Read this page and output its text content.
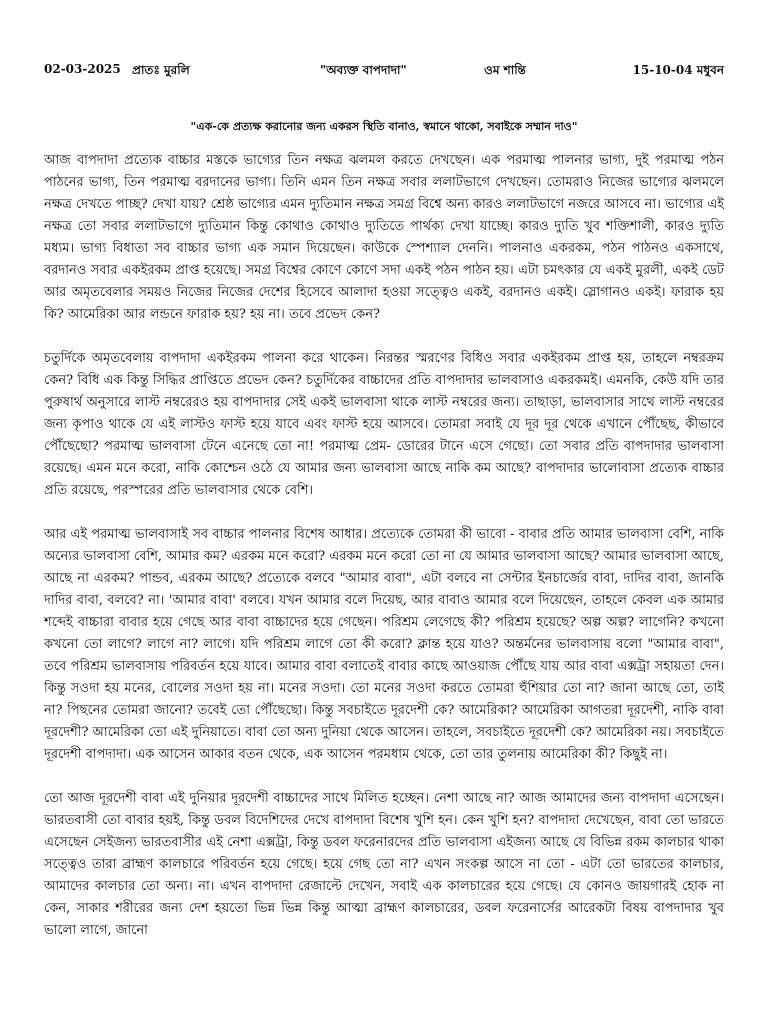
02-03-2025 প্রাতঃ মুরলি	"অব্যক্ত বাপদাদা"	ওম শান্তি	15-10-04 মধুবন
"এক-কে প্রত্যক্ষ করানোর জন্য একরস স্থিতি বানাও, স্বমানে থাকো, সবাইকে সম্মান দাও"

আজ বাপদাদা প্রত্যেক বাচ্চার মস্তকে ভাগ্যের তিন নক্ষত্র ঝলমল করতে দেখছেন। এক পরমাত্ম পালনার ভাগ্য, দুই পরমাত্ম পঠন পাঠনের ভাগ্য, তিন পরমাত্ম বরদানের ভাগ্য। তিনি এমন তিন নক্ষত্র সবার ললাটভাগে দেখছেন। তোমরাও নিজের ভাগ্যের ঝলমলে নক্ষত্র দেখতে পাচ্ছ? দেখা যায়? শ্রেষ্ঠ ভাগ্যের এমন দ্যুতিমান নক্ষত্র সমগ্র বিশ্বে অন্য কারও ললাটভাগে নজরে আসবে না। ভাগ্যের এই নক্ষত্র তো সবার ললাটভাগে দ্যুতিমান কিন্তু কোথাও কোথাও দ্যুতিতে পার্থক্য দেখা যাচ্ছে। কারও দ্যুতি খুব শক্তিশালী, কারও দ্যুতি মধ্যম। ভাগ্য বিধাতা সব বাচ্চার ভাগ্য এক সমান দিয়েছেন। কাউকে স্পেশ্যাল দেননি। পালনাও একরকম, পঠন পাঠনও একসাথে, বরদানও সবার একইরকম প্রাপ্ত হয়েছে। সমগ্র বিশ্বের কোণে কোণে সদা একই পঠন পাঠন হয়। এটা চমৎকার যে একই মুরলী, একই ডেট আর অমৃতবেলার সময়ও নিজের নিজের দেশের হিসেবে আলাদা হওয়া সত্ত্বেও একই, বরদানও একই। স্লোগানও একই। ফারাক হয় কি? আমেরিকা আর লন্ডনে ফারাক হয়? হয় না। তবে প্রভেদ কেন?

চতুর্দিকে অমৃতবেলায় বাপদাদা একইরকম পালনা করে থাকেন। নিরন্তর স্মরণের বিধিও সবার একইরকম প্রাপ্ত হয়, তাহলে নম্বরক্রম কেন? বিধি এক কিন্তু সিদ্ধির প্রাপ্তিতে প্রভেদ কেন? চতুর্দিকের বাচ্চাদের প্রতি বাপদাদার ভালবাসাও একরকমই। এমনকি, কেউ যদি তার পুরুষার্থ অনুসারে লাস্ট নম্বরেরও হয় বাপদাদার সেই একই ভালবাসা থাকে লাস্ট নম্বরের জন্য। তাছাড়া, ভালবাসার সাথে লাস্ট নম্বরের জন্য কৃপাও থাকে যে এই লাস্টও ফাস্ট হয়ে যাবে এবং ফাস্ট হয়ে আসবে। তোমরা সবাই যে দূর দূর থেকে এখানে পৌঁছেছ, কীভাবে পৌঁছেছো? পরমাত্ম ভালবাসা টেনে এনেছে তো না! পরমাত্ম প্রেম- ডোরের টানে এসে গেছো। তো সবার প্রতি বাপদাদার ভালবাসা রয়েছে। এমন মনে করো, নাকি কোশ্চেন ওঠে যে আমার জন্য ভালবাসা আছে নাকি কম আছে? বাপদাদার ভালোবাসা প্রত্যেক বাচ্চার প্রতি রয়েছে, পরস্পরের প্রতি ভালবাসার থেকে বেশি।

আর এই পরমাত্ম ভালবাসাই সব বাচ্চার পালনার বিশেষ আধার। প্রত্যেকে তোমরা কী ভাবো - বাবার প্রতি আমার ভালবাসা বেশি, নাকি অন্যের ভালবাসা বেশি, আমার কম? এরকম মনে করো? এরকম মনে করো তো না যে আমার ভালবাসা আছে? আমার ভালবাসা আছে, আছে না এরকম? পান্ডব, এরকম আছে? প্রত্যেকে বলবে "আমার বাবা", এটা বলবে না সেন্টার ইনচার্জের বাবা, দাদির বাবা, জানকি দাদির বাবা, বলবে? না। 'আমার বাবা' বলবে। যখন আমার বলে দিয়েছ, আর বাবাও আমার বলে দিয়েছেন, তাহলে কেবল এক আমার শব্দেই বাচ্চারা বাবার হয়ে গেছে আর বাবা বাচ্চাদের হয়ে গেছেন। পরিশ্রম লেগেছে কী? পরিশ্রম হয়েছে? অল্প অল্প? লাগেনি? কখনো কখনো তো লাগে? লাগে না? লাগে। যদি পরিশ্রম লাগে তো কী করো? ক্লান্ত হয়ে যাও? অন্তর্মনের ভালবাসায় বলো "আমার বাবা", তবে পরিশ্রম ভালবাসায় পরিবর্তন হয়ে যাবে। আমার বাবা বলাতেই বাবার কাছে আওয়াজ পৌঁছে যায় আর বাবা এক্সট্রা সহায়তা দেন। কিন্তু সওদা হয় মনের, বোলের সওদা হয় না। মনের সওদা। তো মনের সওদা করতে তোমরা হুঁশিয়ার তো না? জানা আছে তো, তাই না? পিছনের তোমরা জানো? তবেই তো পৌঁছেছো। কিন্তু সবচাইতে দূরদেশী কে? আমেরিকা? আমেরিকা আগতরা দূরদেশী, নাকি বাবা দূরদেশী? আমেরিকা তো এই দুনিয়াতে। বাবা তো অন্য দুনিয়া থেকে আসেন। তাহলে, সবচাইতে দূরদেশী কে? আমেরিকা নয়। সবচাইতে দূরদেশী বাপদাদা। এক আসেন আকার বতন থেকে, এক আসেন পরমধাম থেকে, তো তার তুলনায় আমেরিকা কী? কিছুই না।

তো আজ দূরদেশী বাবা এই দুনিয়ার দূরদেশী বাচ্চাদের সাথে মিলিত হচ্ছেন। নেশা আছে না? আজ আমাদের জন্য বাপদাদা এসেছেন। ভারতবাসী তো বাবার হয়ই, কিন্তু ডবল বিদেশিদের দেখে বাপদাদা বিশেষ খুশি হন। কেন খুশি হন? বাপদাদা দেখেছেন, বাবা তো ভারতে এসেছেন সেইজন্য ভারতবাসীর এই নেশা এক্সট্রা, কিন্তু ডবল ফরেনারদের প্রতি ভালবাসা এইজন্য আছে যে বিভিন্ন রকম কালচার থাকা সত্ত্বেও তারা ব্রাহ্মণ কালচারে পরিবর্তন হয়ে গেছে। হয়ে গেছ তো না? এখন সংকল্প আসে না তো - এটা তো ভারতের কালচার, আমাদের কালচার তো অন্য। না। এখন বাপদাদা রেজাল্টে দেখেন, সবাই এক কালচারের হয়ে গেছে। যে কোনও জায়গারই হোক না কেন, সাকার শরীরের জন্য দেশ হয়তো ভিন্ন ভিন্ন কিন্তু আত্মা ব্রাহ্মণ কালচারের, ডবল ফরেনার্সের আরেকটা বিষয় বাপদাদার খুব ভালো লাগে, জানো
